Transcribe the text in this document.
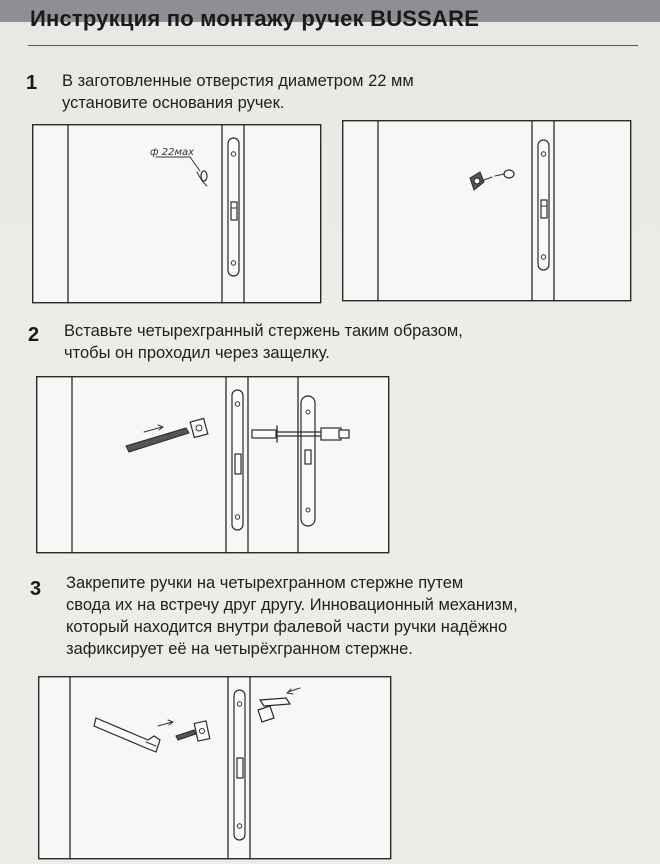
Инструкция по монтажу ручек BUSSARE
1 В заготовленные отверстия диаметром 22 мм
установите основания ручек.
ф 22мах
2 Вставьте четырехгранный стержень таким образом,
чтобы он проходил через защелку.
3 Закрепите ручки на четырехгранном стержне путем
свода их на встречу друг другу. Инновационный механизм,
который находится внутри фалевой части ручки надёжно
зафиксирует её на четырёхгранном стержне.
